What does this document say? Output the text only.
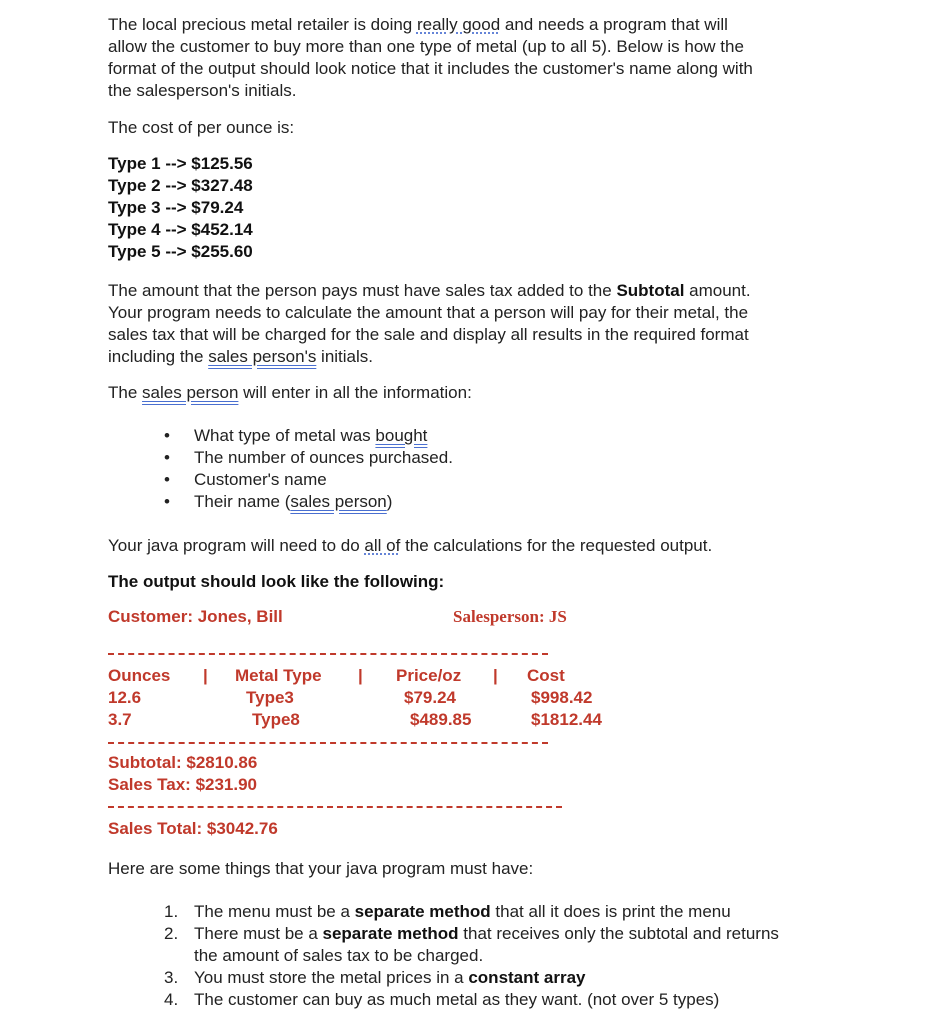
The local precious metal retailer is doing really good and needs a program that will
allow the customer to buy more than one type of metal (up to all 5). Below is how the
format of the output should look notice that it includes the customer's name along with
the salesperson's initials.
The cost of per ounce is:
Type 1 --> $125.56
Type 2 --> $327.48
Type 3 --> $79.24
Type 4 --> $452.14
Type 5 --> $255.60
The amount that the person pays must have sales tax added to the Subtotal amount.
Your program needs to calculate the amount that a person will pay for their metal, the
sales tax that will be charged for the sale and display all results in the required format
including the sales person's initials.
The sales person will enter in all the information:
• What type of metal was bought
• The number of ounces purchased.
• Customer's name
• Their name (sales person)
Your java program will need to do all of the calculations for the requested output.
The output should look like the following:
Customer: Jones, Bill	Salesperson: JS
Ounces | Metal Type | Price/oz | Cost
12.6	Type3	$79.24	$998.42
3.7	Type8	$489.85	$1812.44
Subtotal: $2810.86
Sales Tax: $231.90
Sales Total: $3042.76
Here are some things that your java program must have:
1. The menu must be a separate method that all it does is print the menu
2. There must be a separate method that receives only the subtotal and returns
the amount of sales tax to be charged.
3. You must store the metal prices in a constant array
4. The customer can buy as much metal as they want. (not over 5 types)
